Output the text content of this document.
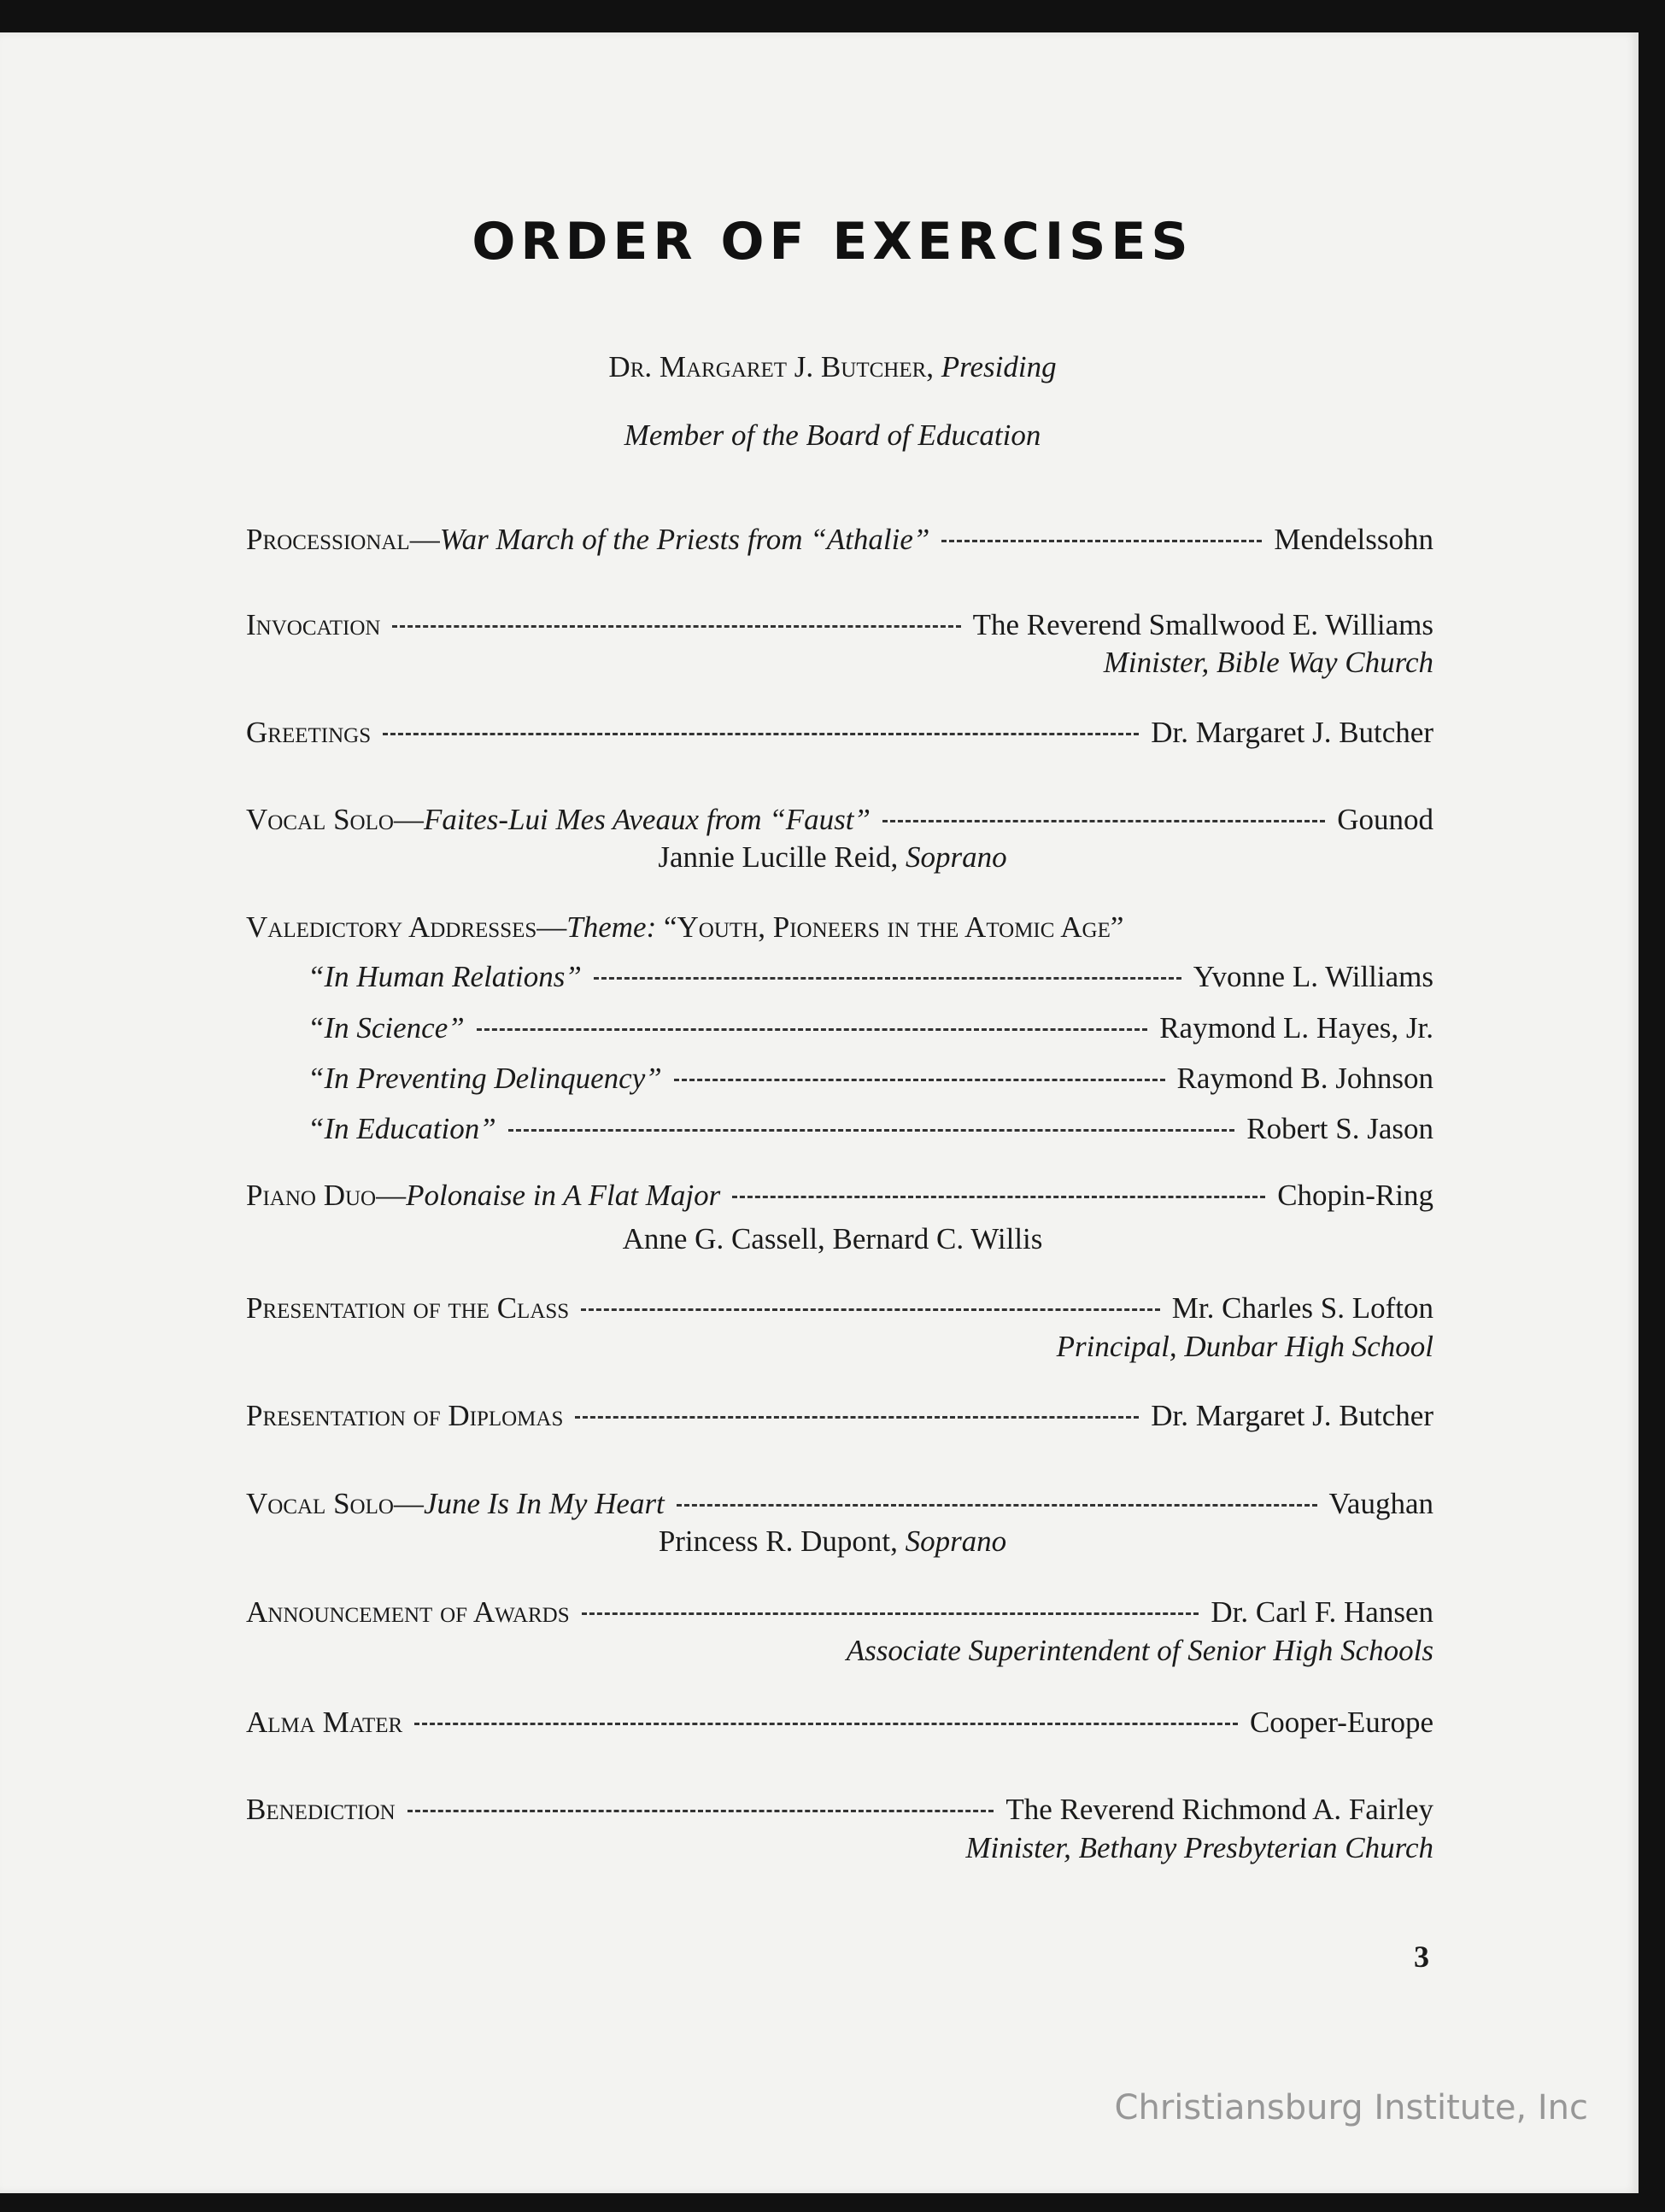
ORDER OF EXERCISES
Dr. Margaret J. Butcher, Presiding
Member of the Board of Education
Processional— War March of the Priests from “Athalie”	Mendelssohn
Invocation	The Reverend Smallwood E. Williams
Minister, Bible Way Church
Greetings	Dr. Margaret J. Butcher
Vocal Solo— Faites-Lui Mes Aveaux from “Faust”	Gounod
Jannie Lucille Reid, Soprano
Valedictory Addresses— Theme:
“Youth, Pioneers in the Atomic Age”
“In Human Relations”	Yvonne L. Williams
“In Science”	Raymond L. Hayes, Jr.
“In Preventing Delinquency”	Raymond B. Johnson
“In Education”	Robert S. Jason
Piano Duo— Polonaise in A Flat Major	Chopin-Ring
Anne G. Cassell, Bernard C. Willis
Presentation of the Class	Mr. Charles S. Lofton
Principal, Dunbar High School
Presentation of Diplomas	Dr. Margaret J. Butcher
Vocal Solo— June Is In My Heart	Vaughan
Princess R. Dupont, Soprano
Announcement of Awards	Dr. Carl F. Hansen
Associate Superintendent of Senior High Schools
Alma Mater	Cooper-Europe
Benediction	The Reverend Richmond A. Fairley
Minister, Bethany Presbyterian Church
3
Christiansburg Institute, Inc
